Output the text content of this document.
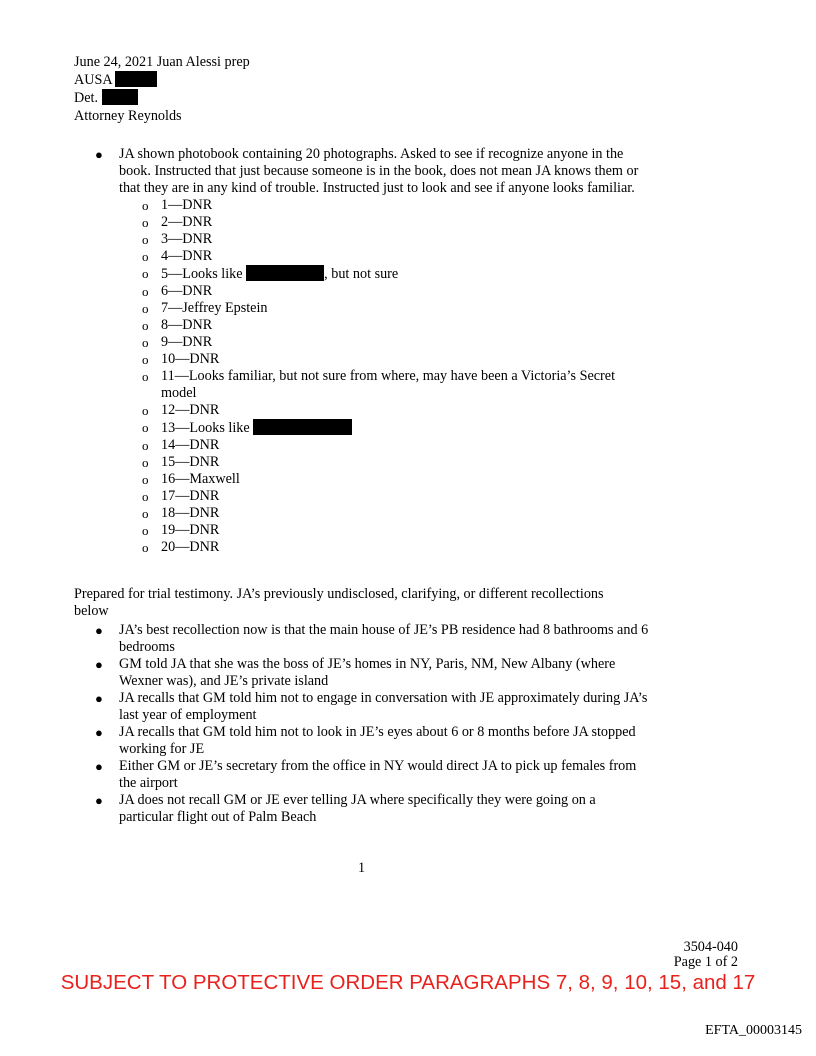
June 24, 2021 Juan Alessi prep
AUSA
Det.
Attorney Reynolds
● JA shown photobook containing 20 photographs. Asked to see if recognize anyone in the book. Instructed that just because someone is in the book, does not mean JA knows them or that they are in any kind of trouble. Instructed just to look and see if anyone looks familiar.
o 1—DNR
o 2—DNR
o 3—DNR
o 4—DNR
o 5—Looks like	, but not sure
o 6—DNR
o 7—Jeffrey Epstein
o 8—DNR
o 9—DNR
o 10—DNR
o 11—Looks familiar, but not sure from where, may have been a Victoria’s Secret model
o 12—DNR
o 13—Looks like
o 14—DNR
o 15—DNR
o 16—Maxwell
o 17—DNR
o 18—DNR
o 19—DNR
o 20—DNR
Prepared for trial testimony. JA’s previously undisclosed, clarifying, or different recollections below
● JA’s best recollection now is that the main house of JE’s PB residence had 8 bathrooms and 6 bedrooms
● GM told JA that she was the boss of JE’s homes in NY, Paris, NM, New Albany (where Wexner was), and JE’s private island
● JA recalls that GM told him not to engage in conversation with JE approximately during JA’s last year of employment
● JA recalls that GM told him not to look in JE’s eyes about 6 or 8 months before JA stopped working for JE
● Either GM or JE’s secretary from the office in NY would direct JA to pick up females from the airport
● JA does not recall GM or JE ever telling JA where specifically they were going on a particular flight out of Palm Beach
1
3504-040
Page 1 of 2
SUBJECT TO PROTECTIVE ORDER PARAGRAPHS 7, 8, 9, 10, 15, and 17
EFTA_00003145
